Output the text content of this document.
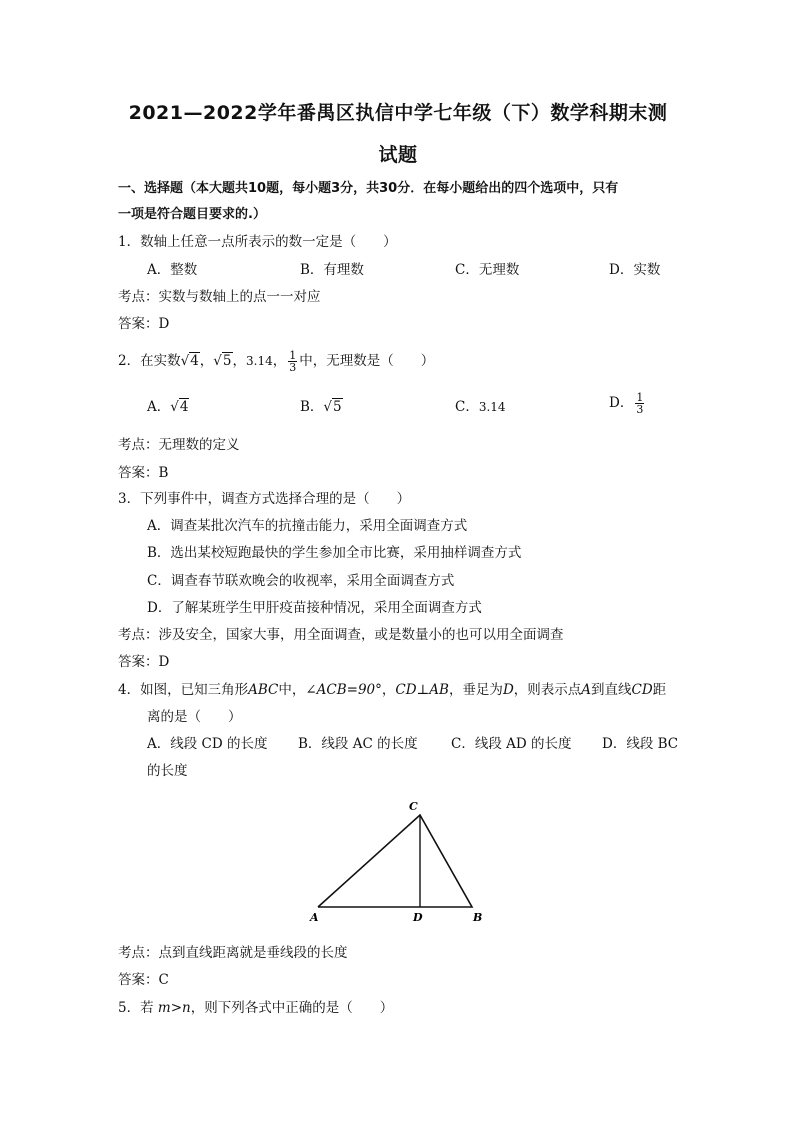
2021—2022学年番禺区执信中学七年级（下）数学科期末测
试题
一、选择题（本大题共10题，每小题3分，共30分．在每小题给出的四个选项中，只有
一项是符合题目要求的.）
1．数轴上任意一点所表示的数一定是（　　）
A．整数	B．有理数	C．无理数	D．实数
考点：实数与数轴上的点一一对应
答案：D
2．在实数√4，√5，3.14， $\frac{1}{3}$ 中，无理数是（　　）
A．√4	B．√5	C．3.14	D． $\frac{1}{3}$
考点：无理数的定义
答案：B
3．下列事件中，调查方式选择合理的是（　　）
A．调查某批次汽车的抗撞击能力，采用全面调查方式
B．选出某校短跑最快的学生参加全市比赛，采用抽样调查方式
C．调查春节联欢晚会的收视率，采用全面调查方式
D．了解某班学生甲肝疫苗接种情况，采用全面调查方式
考点：涉及安全，国家大事，用全面调查，或是数量小的也可以用全面调查
答案：D
4．如图，已知三角形ABC中，∠ACB=90°，CD⊥AB，垂足为D，则表示点A到直线CD距
离的是（　　）
A．线段 CD 的长度 B．线段 AC 的长度 C．线段 AD 的长度 D．线段 BC
的长度
C
A	D	B
考点：点到直线距离就是垂线段的长度
答案：C
5．若 m>n，则下列各式中正确的是（　　）
